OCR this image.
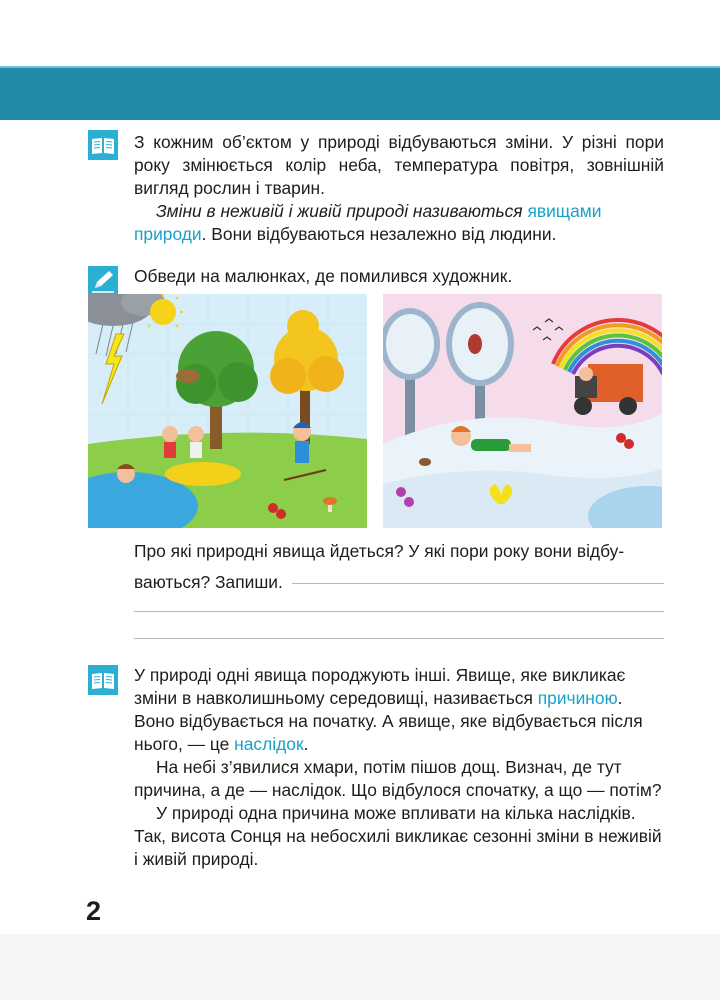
З кожним об’єктом у природі відбуваються зміни. У різні пори року змінюється колір неба, температура повітря, зовнішній вигляд рослин і тварин.

Зміни в неживій і живій природі називаються явищами природи. Вони відбуваються незалежно від людини.

Обведи на малюнках, де помилився художник.
Про які природні явища йдеться? У які пори року вони відбу-
ваються? Запиши.

У природі одні явища породжують інші. Явище, яке викликає зміни в навколишньому середовищі, називається причиною. Воно відбувається на початку. А явище, яке відбувається після нього, — це наслідок.

На небі з’явилися хмари, потім пішов дощ. Визнач, де тут причина, а де — наслідок. Що відбулося спочатку, а що — потім?

У природі одна причина може впливати на кілька наслідків. Так, висота Сонця на небосхилі викликає сезонні зміни в неживій і живій природі.

2
